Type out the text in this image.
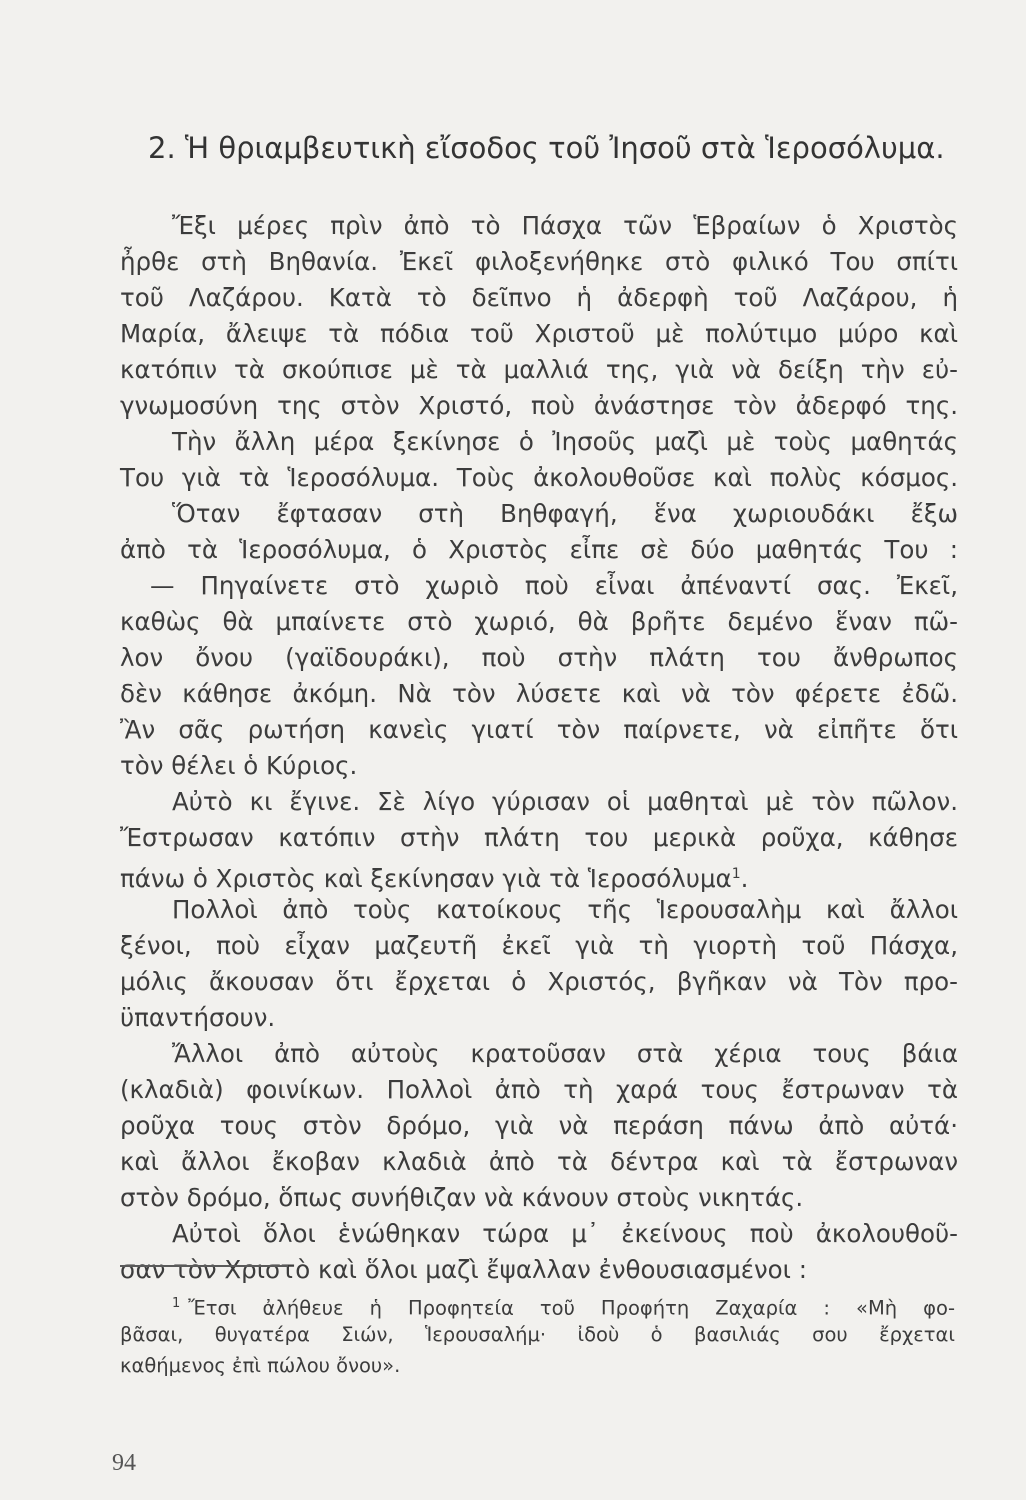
2. Ἡ θριαμβευτικὴ εἴσοδος τοῦ Ἰησοῦ στὰ Ἱεροσόλυμα.
Ἔξι μέρες πρὶν ἀπὸ τὸ Πάσχα τῶν Ἑβραίων ὁ Χριστὸς
ἦρθε στὴ Βηθανία. Ἐκεῖ φιλοξενήθηκε στὸ φιλικό Του σπίτι
τοῦ Λαζάρου. Κατὰ τὸ δεῖπνο ἡ ἀδερφὴ τοῦ Λαζάρου, ἡ
Μαρία, ἄλειψε τὰ πόδια τοῦ Χριστοῦ μὲ πολύτιμο μύρο καὶ
κατόπιν τὰ σκούπισε μὲ τὰ μαλλιά της, γιὰ νὰ δείξη τὴν εὐ-
γνωμοσύνη της στὸν Χριστό, ποὺ ἀνάστησε τὸν ἀδερφό της.
Τὴν ἄλλη μέρα ξεκίνησε ὁ Ἰησοῦς μαζὶ μὲ τοὺς μαθητάς
Του γιὰ τὰ Ἱεροσόλυμα. Τοὺς ἀκολουθοῦσε καὶ πολὺς κόσμος.
Ὅταν ἔφτασαν στὴ Βηθφαγή, ἕνα χωριουδάκι ἔξω
ἀπὸ τὰ Ἱεροσόλυμα, ὁ Χριστὸς εἶπε σὲ δύο μαθητάς Του :
— Πηγαίνετε στὸ χωριὸ ποὺ εἶναι ἀπέναντί σας. Ἐκεῖ,
καθὼς θὰ μπαίνετε στὸ χωριό, θὰ βρῆτε δεμένο ἕναν πῶ-
λον ὄνου (γαϊδουράκι), ποὺ στὴν πλάτη του ἄνθρωπος
δὲν κάθησε ἀκόμη. Νὰ τὸν λύσετε καὶ νὰ τὸν φέρετε ἐδῶ.
Ἂν σᾶς ρωτήση κανεὶς γιατί τὸν παίρνετε, νὰ εἰπῆτε ὅτι
τὸν θέλει ὁ Κύριος.
Αὐτὸ κι ἔγινε. Σὲ λίγο γύρισαν οἱ μαθηταὶ μὲ τὸν πῶλον.
Ἔστρωσαν κατόπιν στὴν πλάτη του μερικὰ ροῦχα, κάθησε
πάνω ὁ Χριστὸς καὶ ξεκίνησαν γιὰ τὰ Ἱεροσόλυμα$^1$.
Πολλοὶ ἀπὸ τοὺς κατοίκους τῆς Ἱερουσαλὴμ καὶ ἄλλοι
ξένοι, ποὺ εἶχαν μαζευτῆ ἐκεῖ γιὰ τὴ γιορτὴ τοῦ Πάσχα,
μόλις ἄκουσαν ὅτι ἔρχεται ὁ Χριστός, βγῆκαν νὰ Τὸν προ-
ϋπαντήσουν.
Ἄλλοι ἀπὸ αὐτοὺς κρατοῦσαν στὰ χέρια τους βάια
(κλαδιὰ) φοινίκων. Πολλοὶ ἀπὸ τὴ χαρά τους ἔστρωναν τὰ
ροῦχα τους στὸν δρόμο, γιὰ νὰ περάση πάνω ἀπὸ αὐτά·
καὶ ἄλλοι ἔκοβαν κλαδιὰ ἀπὸ τὰ δέντρα καὶ τὰ ἔστρωναν
στὸν δρόμο, ὅπως συνήθιζαν νὰ κάνουν στοὺς νικητάς.
Αὐτοὶ ὅλοι ἑνώθηκαν τώρα μ᾿ ἐκείνους ποὺ ἀκολουθοῦ-
σαν τὸν Χριστὸ καὶ ὅλοι μαζὶ ἔψαλλαν ἐνθουσιασμένοι :
$^1$ Ἔτσι ἀλήθευε ἡ Προφητεία τοῦ Προφήτη Ζαχαρία : «Μὴ φο-
βᾶσαι, θυγατέρα Σιών, Ἱερουσαλήμ· ἰδοὺ ὁ βασιλιάς σου ἔρχεται
καθήμενος ἐπὶ πώλου ὄνου».
94
